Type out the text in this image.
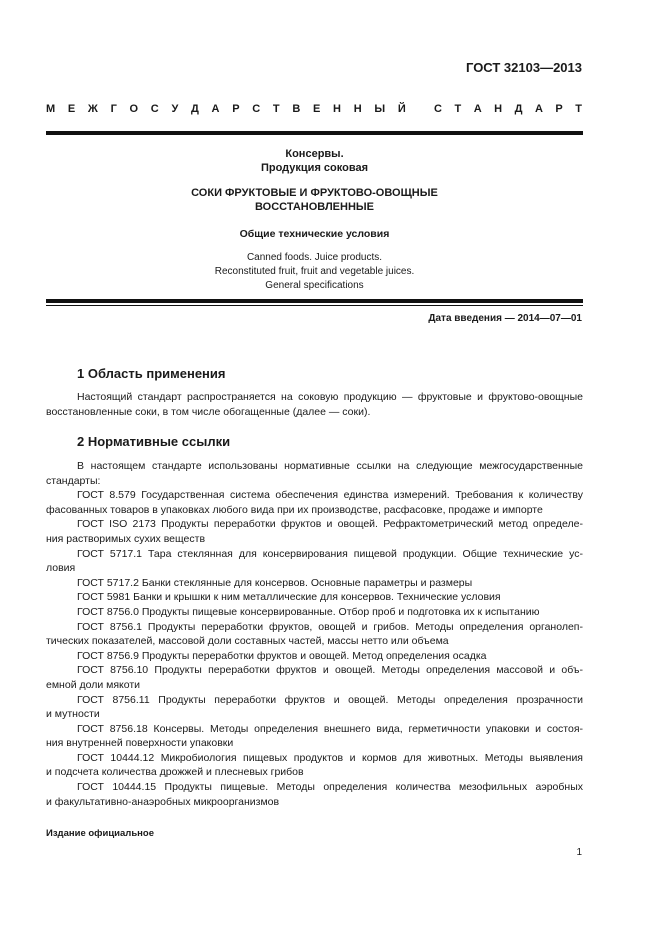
ГОСТ 32103—2013
М Е Ж Г О С У Д А Р С Т В Е Н Н Ы Й	С Т А Н Д А Р Т
Консервы.
Продукция соковая
СОКИ ФРУКТОВЫЕ И ФРУКТОВО-ОВОЩНЫЕ
ВОССТАНОВЛЕННЫЕ
Общие технические условия
Canned foods. Juice products.
Reconstituted fruit, fruit and vegetable juices.
General specifications
Дата введения — 2014—07—01
1 Область применения
Настоящий стандарт распространяется на соковую продукцию — фруктовые и фруктово-овощные
восстановленные соки, в том числе обогащенные (далее — соки).
2 Нормативные ссылки
В настоящем стандарте использованы нормативные ссылки на следующие межгосударственные
стандарты:
ГОСТ 8.579 Государственная система обеспечения единства измерений. Требования к количеству
фасованных товаров в упаковках любого вида при их производстве, расфасовке, продаже и импорте
ГОСТ ISO 2173 Продукты переработки фруктов и овощей. Рефрактометрический метод определе-
ния растворимых сухих веществ
ГОСТ 5717.1 Тара стеклянная для консервирования пищевой продукции. Общие технические ус-
ловия
ГОСТ 5717.2 Банки стеклянные для консервов. Основные параметры и размеры
ГОСТ 5981 Банки и крышки к ним металлические для консервов. Технические условия
ГОСТ 8756.0 Продукты пищевые консервированные. Отбор проб и подготовка их к испытанию
ГОСТ 8756.1 Продукты переработки фруктов, овощей и грибов. Методы определения органолеп-
тических показателей, массовой доли составных частей, массы нетто или объема
ГОСТ 8756.9 Продукты переработки фруктов и овощей. Метод определения осадка
ГОСТ 8756.10 Продукты переработки фруктов и овощей. Методы определения массовой и объ-
емной доли мякоти
ГОСТ 8756.11 Продукты переработки фруктов и овощей. Методы определения прозрачности
и мутности
ГОСТ 8756.18 Консервы. Методы определения внешнего вида, герметичности упаковки и состоя-
ния внутренней поверхности упаковки
ГОСТ 10444.12 Микробиология пищевых продуктов и кормов для животных. Методы выявления
и подсчета количества дрожжей и плесневых грибов
ГОСТ 10444.15 Продукты пищевые. Методы определения количества мезофильных аэробных
и факультативно-анаэробных микроорганизмов
Издание официальное
1
